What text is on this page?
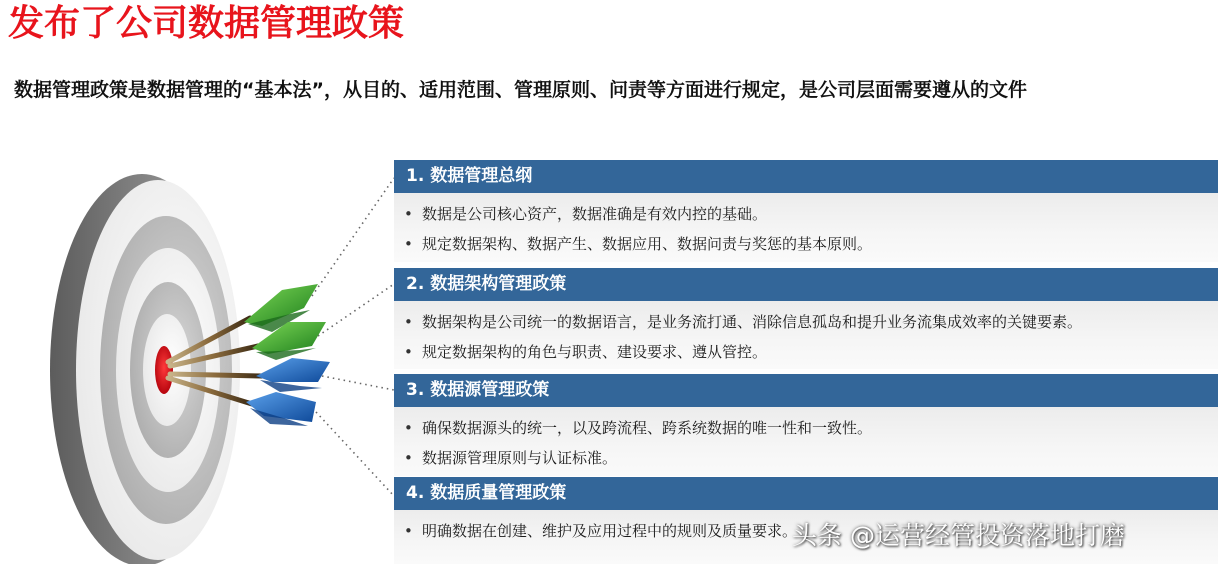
发布了公司数据管理政策
数据管理政策是数据管理的“基本法”，从目的、适用范围、管理原则、问责等方面进行规定，是公司层面需要遵从的文件
1. 数据管理总纲
• 数据是公司核心资产，数据准确是有效内控的基础。
• 规定数据架构、数据产生、数据应用、数据问责与奖惩的基本原则。
2. 数据架构管理政策
• 数据架构是公司统一的数据语言，是业务流打通、消除信息孤岛和提升业务流集成效率的关键要素。
• 规定数据架构的角色与职责、建设要求、遵从管控。
3. 数据源管理政策
• 确保数据源头的统一，以及跨流程、跨系统数据的唯一性和一致性。
• 数据源管理原则与认证标准。
4. 数据质量管理政策
• 明确数据在创建、维护及应用过程中的规则及质量要求。
头条 @运营经管投资落地打磨
